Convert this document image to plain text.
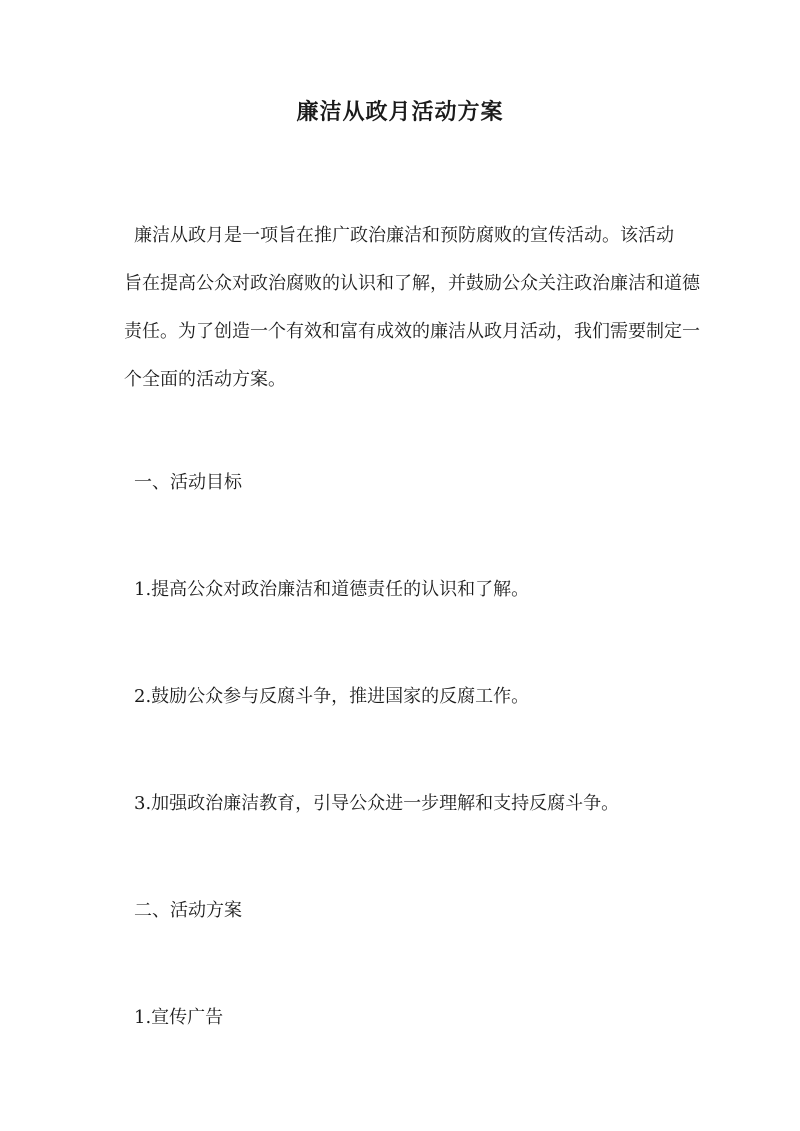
廉洁从政月活动方案
廉洁从政月是一项旨在推广政治廉洁和预防腐败的宣传活动。该活动
旨在提高公众对政治腐败的认识和了解，并鼓励公众关注政治廉洁和道德
责任。为了创造一个有效和富有成效的廉洁从政月活动，我们需要制定一
个全面的活动方案。

一、活动目标

1.提高公众对政治廉洁和道德责任的认识和了解。

2.鼓励公众参与反腐斗争，推进国家的反腐工作。

3.加强政治廉洁教育，引导公众进一步理解和支持反腐斗争。

二、活动方案

1.宣传广告
